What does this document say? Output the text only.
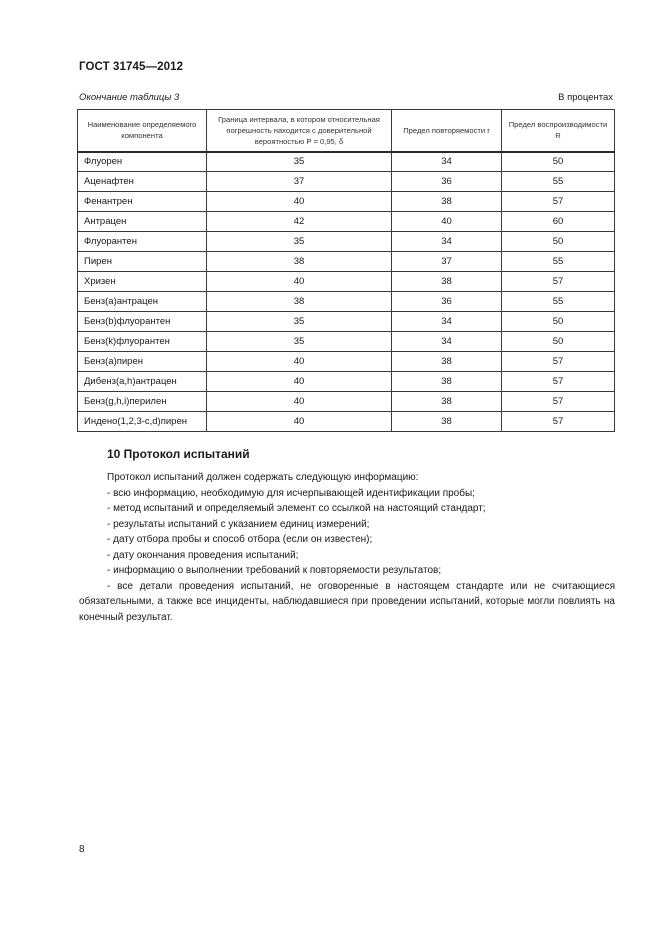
ГОСТ 31745—2012
Окончание таблицы 3	В процентах
Наименование определяемого компонента	Граница интервала, в котором относительная погрешность находится с доверительной вероятностью P = 0,95, δ	Предел повторяемости r	Предел воспроизводимости R
Флуорен	35	34	50
Аценафтен	37	36	55
Фенантрен	40	38	57
Антрацен	42	40	60
Флуорантен	35	34	50
Пирен	38	37	55
Хризен	40	38	57
Бенз(а)антрацен	38	36	55
Бенз(b)флуорантен	35	34	50
Бенз(k)флуорантен	35	34	50
Бенз(а)пирен	40	38	57
Дибенз(a,h)антрацен	40	38	57
Бенз(g,h,i)перилен	40	38	57
Индено(1,2,3-c,d)пирен	40	38	57
10 Протокол испытаний

Протокол испытаний должен содержать следующую информацию:

- всю информацию, необходимую для исчерпывающей идентификации пробы;

- метод испытаний и определяемый элемент со ссылкой на настоящий стандарт;

- результаты испытаний с указанием единиц измерений;

- дату отбора пробы и способ отбора (если он известен);

- дату окончания проведения испытаний;

- информацию о выполнении требований к повторяемости результатов;

- все детали проведения испытаний, не оговоренные в настоящем стандарте или не считающиеся обязательными, а также все инциденты, наблюдавшиеся при проведении испытаний, которые могли повлиять на конечный результат.

8
